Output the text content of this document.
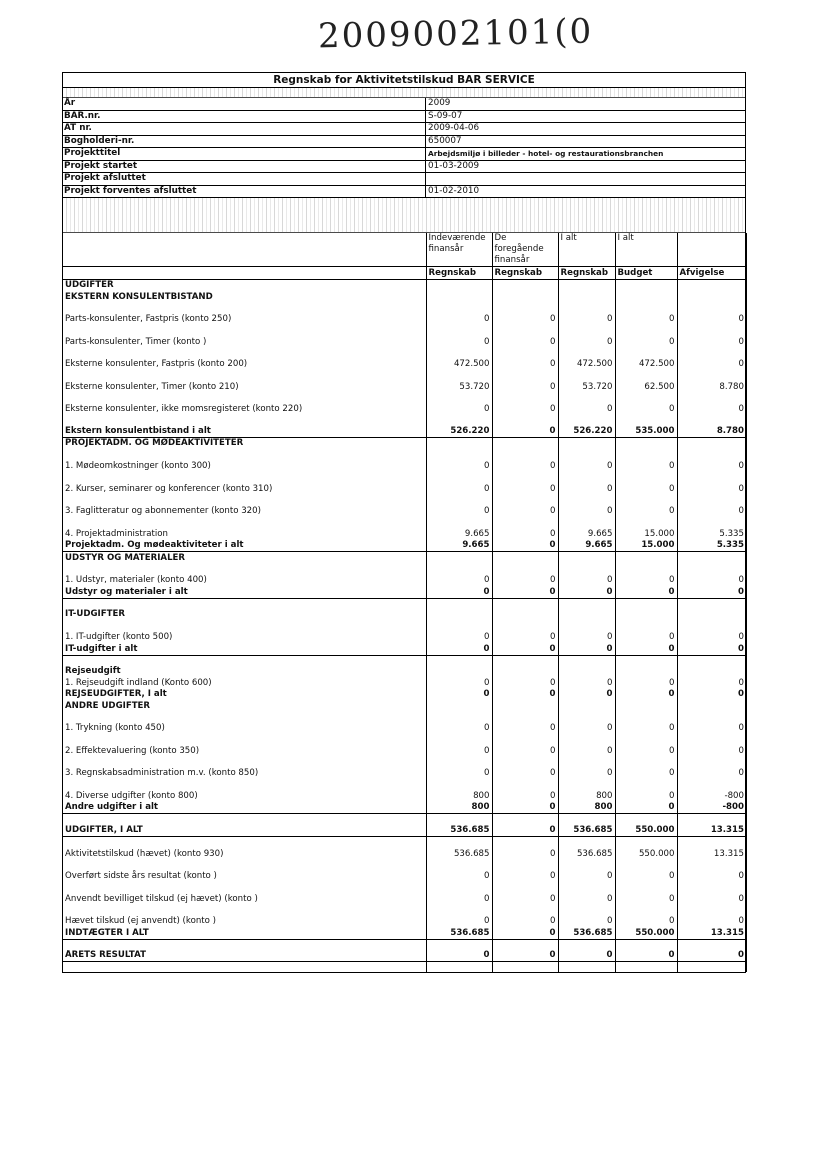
2009002101(0
Regnskab for Aktivitetstilskud BAR SERVICE
År	2009
BAR.nr.	S-09-07
AT nr.	2009-04-06
Bogholderi-nr.	650007
Projekttitel	Arbejdsmiljø i billeder - hotel- og restaurationsbranchen
Projekt startet	01-03-2009
Projekt afsluttet
Projekt forventes afsluttet	01-02-2010
	Indeværende finansår	De foregående finansår	I alt	I alt	
	Regnskab	Regnskab	Regnskab	Budget	Afvigelse
UDGIFTER					
EKSTERN KONSULENTBISTAND					
Parts-konsulenter, Fastpris (konto 250)	0	0	0	0	0
Parts-konsulenter, Timer (konto )	0	0	0	0	0
Eksterne konsulenter, Fastpris (konto 200)	472.500	0	472.500	472.500	0
Eksterne konsulenter, Timer (konto 210)	53.720	0	53.720	62.500	8.780
Eksterne konsulenter, ikke momsregisteret (konto 220)	0	0	0	0	0

Ekstern konsulentbistand i alt	526.220	0	526.220	535.000	8.780
PROJEKTADM. OG MØDEAKTIVITETER					
1. Mødeomkostninger (konto 300)	0	0	0	0	0
2. Kurser, seminarer og konferencer (konto 310)	0	0	0	0	0
3. Faglitteratur og abonnementer (konto 320)	0	0	0	0	0
4. Projektadministration	9.665	0	9.665	15.000	5.335
Projektadm. Og mødeaktiviteter i alt	9.665	0	9.665	15.000	5.335
UDSTYR OG MATERIALER					
1. Udstyr, materialer (konto 400)	0	0	0	0	0
Udstyr og materialer i alt	0	0	0	0	0

IT-UDGIFTER					
1. IT-udgifter (konto 500)	0	0	0	0	0
IT-udgifter i alt	0	0	0	0	0

Rejseudgift					
1. Rejseudgift indland (Konto 600)	0	0	0	0	0
REJSEUDGIFTER, I alt	0	0	0	0	0
ANDRE UDGIFTER					
1. Trykning (konto 450)	0	0	0	0	0
2. Effektevaluering (konto 350)	0	0	0	0	0
3. Regnskabsadministration m.v. (konto 850)	0	0	0	0	0
4. Diverse udgifter (konto 800)	800	0	800	0	-800
Andre udgifter i alt	800	0	800	0	-800

UDGIFTER, I ALT	536.685	0	536.685	550.000	13.315
Aktivitetstilskud (hævet) (konto 930)	536.685	0	536.685	550.000	13.315
Overført sidste års resultat (konto )	0	0	0	0	0
Anvendt bevilliget tilskud (ej hævet) (konto )	0	0	0	0	0
Hævet tilskud (ej anvendt) (konto )	0	0	0	0	0
INDTÆGTER I ALT	536.685	0	536.685	550.000	13.315

ÅRETS RESULTAT	0	0	0	0	0
